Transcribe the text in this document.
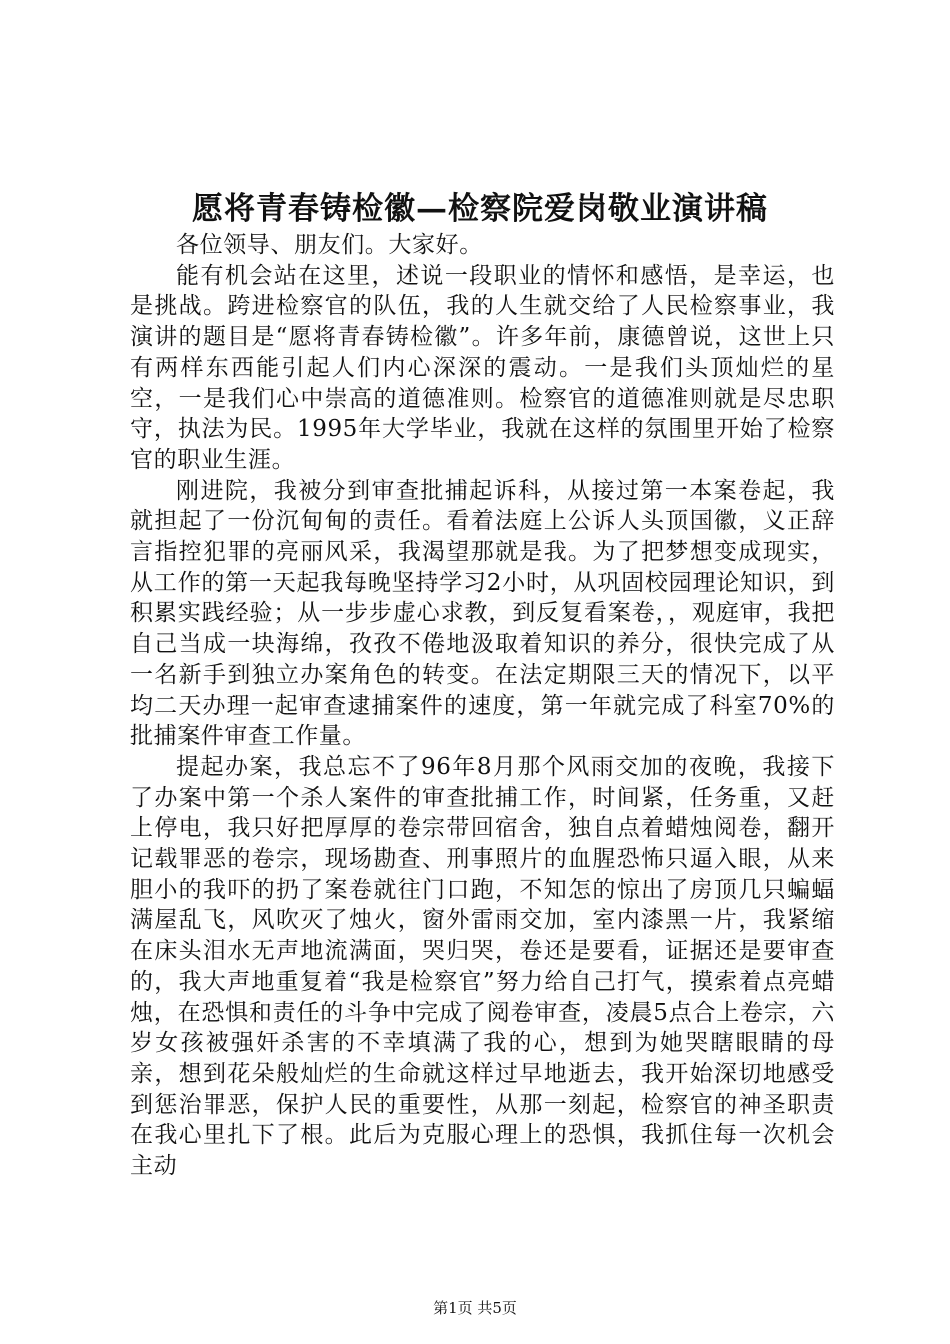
愿将青春铸检徽—检察院爱岗敬业演讲稿

各位领导、朋友们。大家好。

能有机会站在这里，述说一段职业的情怀和感悟，是幸运，也是挑战。跨进检察官的队伍，我的人生就交给了人民检察事业，我演讲的题目是“愿将青春铸检徽”。许多年前，康德曾说，这世上只有两样东西能引起人们内心深深的震动。一是我们头顶灿烂的星空，一是我们心中崇高的道德准则。检察官的道德准则就是尽忠职守，执法为民。1995年大学毕业，我就在这样的氛围里开始了检察官的职业生涯。

刚进院，我被分到审查批捕起诉科，从接过第一本案卷起，我就担起了一份沉甸甸的责任。看着法庭上公诉人头顶国徽，义正辞言指控犯罪的亮丽风采，我渴望那就是我。为了把梦想变成现实，从工作的第一天起我每晚坚持学习2小时，从巩固校园理论知识，到积累实践经验；从一步步虚心求教，到反复看案卷，，观庭审，我把自己当成一块海绵，孜孜不倦地汲取着知识的养分，很快完成了从一名新手到独立办案角色的转变。在法定期限三天的情况下，以平均二天办理一起审查逮捕案件的速度，第一年就完成了科室70%的批捕案件审查工作量。

提起办案，我总忘不了96年8月那个风雨交加的夜晚，我接下了办案中第一个杀人案件的审查批捕工作，时间紧，任务重，又赶上停电，我只好把厚厚的卷宗带回宿舍，独自点着蜡烛阅卷，翻开记载罪恶的卷宗，现场勘查、刑事照片的血腥恐怖只逼入眼，从来胆小的我吓的扔了案卷就往门口跑，不知怎的惊出了房顶几只蝙蝠满屋乱飞，风吹灭了烛火，窗外雷雨交加，室内漆黑一片，我紧缩在床头泪水无声地流满面，哭归哭，卷还是要看，证据还是要审查的，我大声地重复着“我是检察官”努力给自己打气，摸索着点亮蜡烛，在恐惧和责任的斗争中完成了阅卷审查，凌晨5点合上卷宗，六岁女孩被强奸杀害的不幸填满了我的心，想到为她哭瞎眼睛的母亲，想到花朵般灿烂的生命就这样过早地逝去，我开始深切地感受到惩治罪恶，保护人民的重要性，从那一刻起，检察官的神圣职责在我心里扎下了根。此后为克服心理上的恐惧，我抓住每一次机会主动

第1页 共5页
